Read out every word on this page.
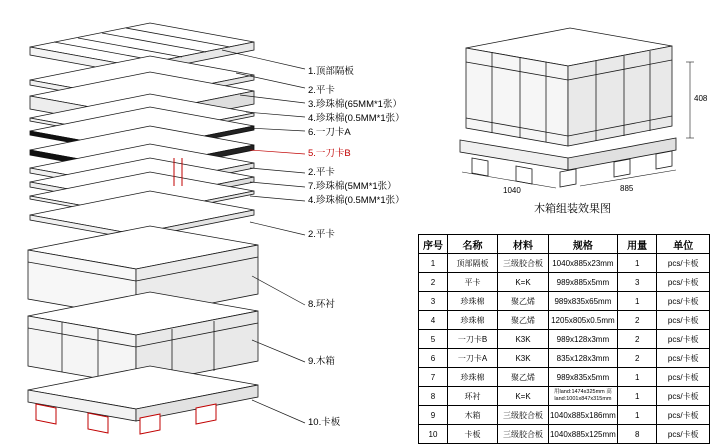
1.顶部隔板
2.平卡
3.珍珠棉(65MM*1张）
4.珍珠棉(0.5MM*1张）
6.一刀卡A
5.一刀卡B
2.平卡
7.珍珠棉(5MM*1张）
4.珍珠棉(0.5MM*1张）
2.平卡
8.环衬
9.木箱
10.卡板
408
1040	885
木箱组装效果图
序号	名称	材料	规格	用量	单位
1	顶部隔板	三级胶合板	1040x885x23mm	1	pcs/卡板
2	平卡	K=K	989x885x5mm	3	pcs/卡板
3	珍珠棉	聚乙烯	989x835x65mm	1	pcs/卡板
4	珍珠棉	聚乙烯	1205x805x0.5mm	2	pcs/卡板
5	一刀卡B	K3K	989x128x3mm	2	pcs/卡板
6	一刀卡A	K3K	835x128x3mm	2	pcs/卡板
7	珍珠棉	聚乙烯	989x835x5mm	1	pcs/卡板
8	环衬	K=K	用land:1474x325mm 高land:1001x847x315mm	1	pcs/卡板
9	木箱	三级胶合板	1040x885x186mm	1	pcs/卡板
10	卡板	三级胶合板	1040x885x125mm	8	pcs/卡板
